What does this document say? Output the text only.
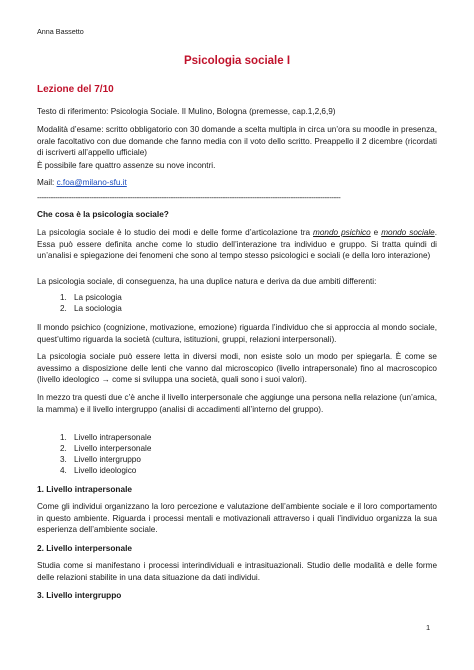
Anna Bassetto
Psicologia sociale I
Lezione del 7/10
Testo di riferimento: Psicologia Sociale. Il Mulino, Bologna (premesse, cap.1,2,6,9)
Modalità d’esame: scritto obbligatorio con 30 domande a scelta multipla in circa un’ora su moodle in presenza, orale facoltativo con due domande che fanno media con il voto dello scritto. Preappello il 2 dicembre (ricordati di iscriverti all’appello ufficiale)
È possibile fare quattro assenze su nove incontri.
Mail: c.foa@milano-sfu.it
--------------------------------------------------------------------------------------------------------------------------------------
Che cosa è la psicologia sociale?
La psicologia sociale è lo studio dei modi e delle forme d’articolazione tra mondo psichico e mondo sociale. Essa può essere definita anche come lo studio dell’interazione tra individuo e gruppo. Si tratta quindi di un’analisi e spiegazione dei fenomeni che sono al tempo stesso psicologici e sociali (e della loro interazione)
La psicologia sociale, di conseguenza, ha una duplice natura e deriva da due ambiti differenti:
1. La psicologia
2. La sociologia
Il mondo psichico (cognizione, motivazione, emozione) riguarda l’individuo che si approccia al mondo sociale, quest’ultimo riguarda la società (cultura, istituzioni, gruppi, relazioni interpersonali).
La psicologia sociale può essere letta in diversi modi, non esiste solo un modo per spiegarla. È come se avessimo a disposizione delle lenti che vanno dal microscopico (livello intrapersonale) fino al macroscopico (livello ideologico → come si sviluppa una società, quali sono i suoi valori).
In mezzo tra questi due c’è anche il livello interpersonale che aggiunge una persona nella relazione (un’amica, la mamma) e il livello intergruppo (analisi di accadimenti all’interno del gruppo).
1. Livello intrapersonale
2. Livello interpersonale
3. Livello intergruppo
4. Livello ideologico
1. Livello intrapersonale
Come gli individui organizzano la loro percezione e valutazione dell’ambiente sociale e il loro comportamento in questo ambiente. Riguarda i processi mentali e motivazionali attraverso i quali l’individuo organizza la sua esperienza dell’ambiente sociale.
2. Livello interpersonale
Studia come si manifestano i processi interindividuali e intrasituazionali. Studio delle modalità e delle forme delle relazioni stabilite in una data situazione da dati individui.
3. Livello intergruppo
1
